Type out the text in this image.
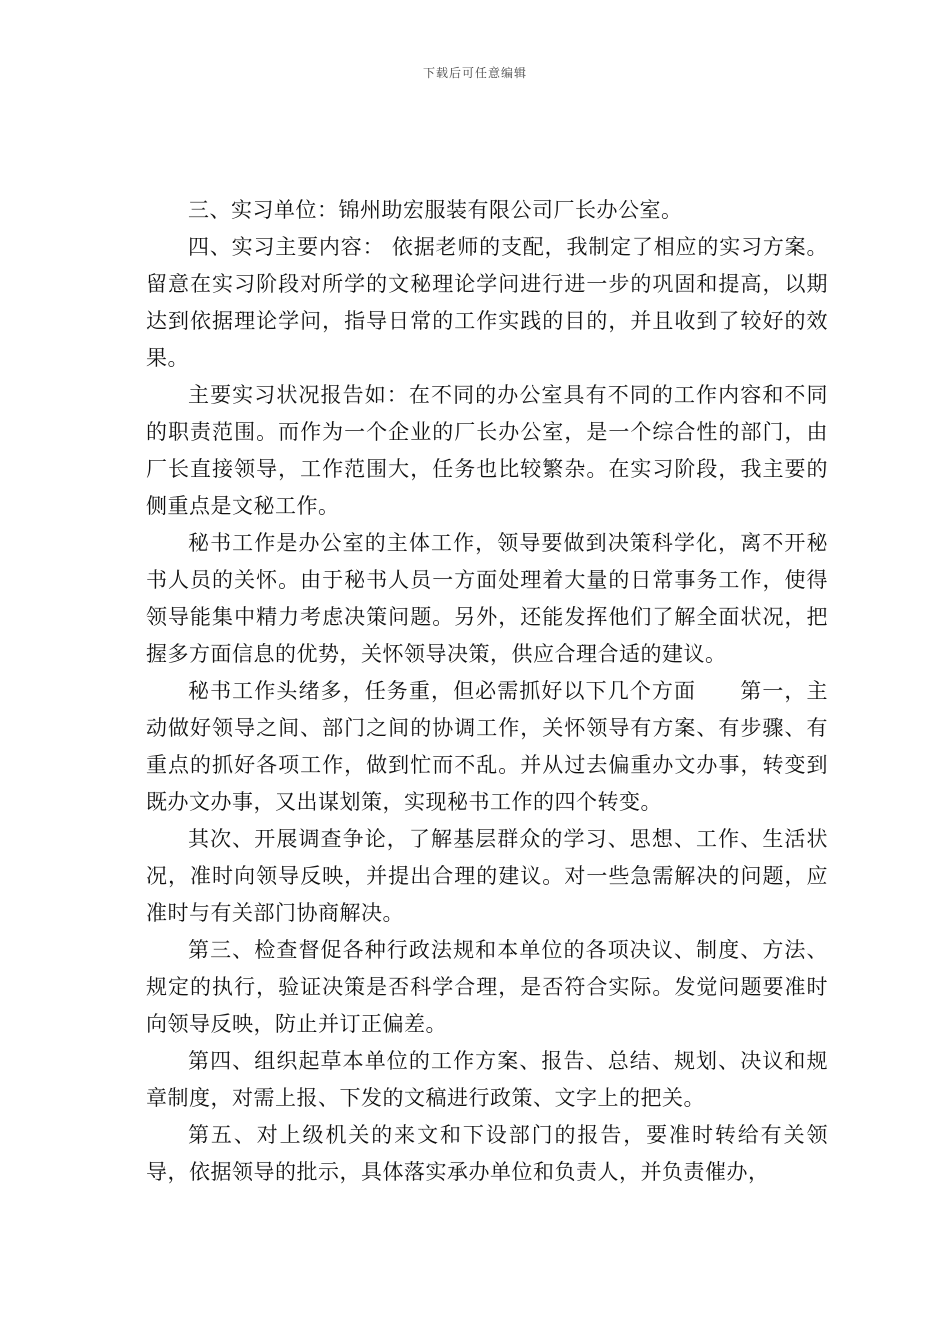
下载后可任意编辑

三、实习单位：锦州助宏服装有限公司厂长办公室。

四、实习主要内容： 依据老师的支配，我制定了相应的实习方案。留意在实习阶段对所学的文秘理论学问进行进一步的巩固和提高，以期达到依据理论学问，指导日常的工作实践的目的，并且收到了较好的效果。

主要实习状况报告如：在不同的办公室具有不同的工作内容和不同的职责范围。而作为一个企业的厂长办公室，是一个综合性的部门，由厂长直接领导，工作范围大，任务也比较繁杂。在实习阶段，我主要的侧重点是文秘工作。

秘书工作是办公室的主体工作，领导要做到决策科学化，离不开秘书人员的关怀。由于秘书人员一方面处理着大量的日常事务工作，使得领导能集中精力考虑决策问题。另外，还能发挥他们了解全面状况，把握多方面信息的优势，关怀领导决策，供应合理合适的建议。

秘书工作头绪多，任务重，但必需抓好以下几个方面　　第一，主动做好领导之间、部门之间的协调工作，关怀领导有方案、有步骤、有重点的抓好各项工作，做到忙而不乱。并从过去偏重办文办事，转变到既办文办事，又出谋划策，实现秘书工作的四个转变。

其次、开展调查争论，了解基层群众的学习、思想、工作、生活状况，准时向领导反映，并提出合理的建议。对一些急需解决的问题，应准时与有关部门协商解决。

第三、检查督促各种行政法规和本单位的各项决议、制度、方法、规定的执行，验证决策是否科学合理，是否符合实际。发觉问题要准时向领导反映，防止并订正偏差。

第四、组织起草本单位的工作方案、报告、总结、规划、决议和规章制度，对需上报、下发的文稿进行政策、文字上的把关。

第五、对上级机关的来文和下设部门的报告，要准时转给有关领导，依据领导的批示，具体落实承办单位和负责人，并负责催办，
